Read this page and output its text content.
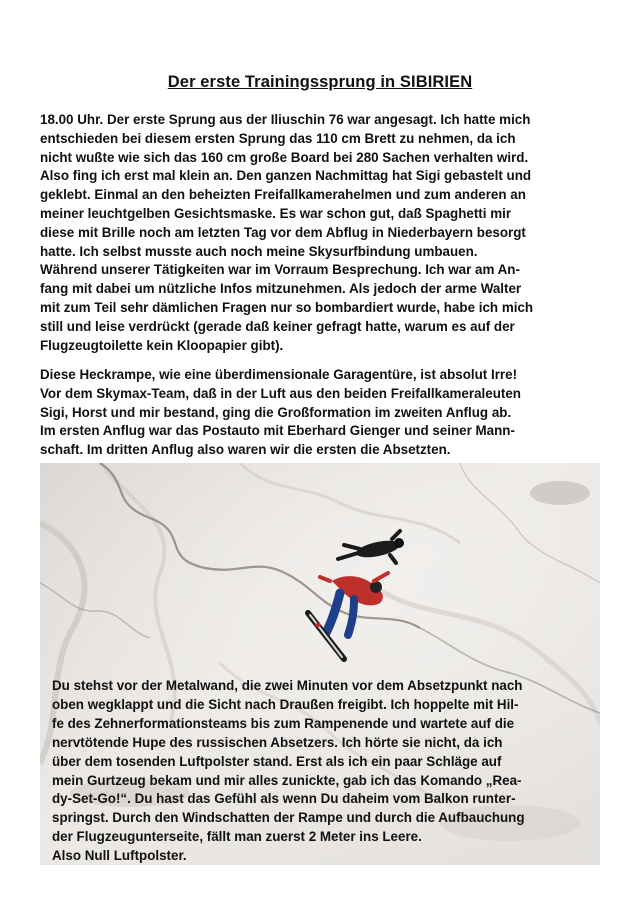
Der erste Trainingssprung in SIBIRIEN
18.00 Uhr. Der erste Sprung aus der Iliuschin 76 war angesagt. Ich hatte mich
entschieden bei diesem ersten Sprung das 110 cm Brett zu nehmen, da ich
nicht wußte wie sich das 160 cm große Board bei 280 Sachen verhalten wird.
Also fing ich erst mal klein an. Den ganzen Nachmittag hat Sigi gebastelt und
geklebt. Einmal an den beheizten Freifallkamerahelmen und zum anderen an
meiner leuchtgelben Gesichtsmaske. Es war schon gut, daß Spaghetti mir
diese mit Brille noch am letzten Tag vor dem Abflug in Niederbayern besorgt
hatte. Ich selbst musste auch noch meine Skysurfbindung umbauen.
Während unserer Tätigkeiten war im Vorraum Besprechung. Ich war am An-
fang mit dabei um nützliche Infos mitzunehmen. Als jedoch der arme Walter
mit zum Teil sehr dämlichen Fragen nur so bombardiert wurde, habe ich mich
still und leise verdrückt (gerade daß keiner gefragt hatte, warum es auf der
Flugzeugtoilette kein Kloopapier gibt).
Diese Heckrampe, wie eine überdimensionale Garagentüre, ist absolut Irre!
Vor dem Skymax-Team, daß in der Luft aus den beiden Freifallkameraleuten
Sigi, Horst und mir bestand, ging die Großformation im zweiten Anflug ab.
Im ersten Anflug war das Postauto mit Eberhard Gienger und seiner Mann-
schaft. Im dritten Anflug also waren wir die ersten die Absetzten.
Du stehst vor der Metalwand, die zwei Minuten vor dem Absetzpunkt nach
oben wegklappt und die Sicht nach Draußen freigibt. Ich hoppelte mit Hil-
fe des Zehnerformationsteams bis zum Rampenende und wartete auf die
nervtötende Hupe des russischen Absetzers. Ich hörte sie nicht, da ich
über dem tosenden Luftpolster stand. Erst als ich ein paar Schläge auf
mein Gurtzeug bekam und mir alles zunickte, gab ich das Komando „Rea-
dy-Set-Go!“. Du hast das Gefühl als wenn Du daheim vom Balkon runter-
springst. Durch den Windschatten der Rampe und durch die Aufbauchung
der Flugzeugunterseite, fällt man zuerst 2 Meter ins Leere.
Also Null Luftpolster.
